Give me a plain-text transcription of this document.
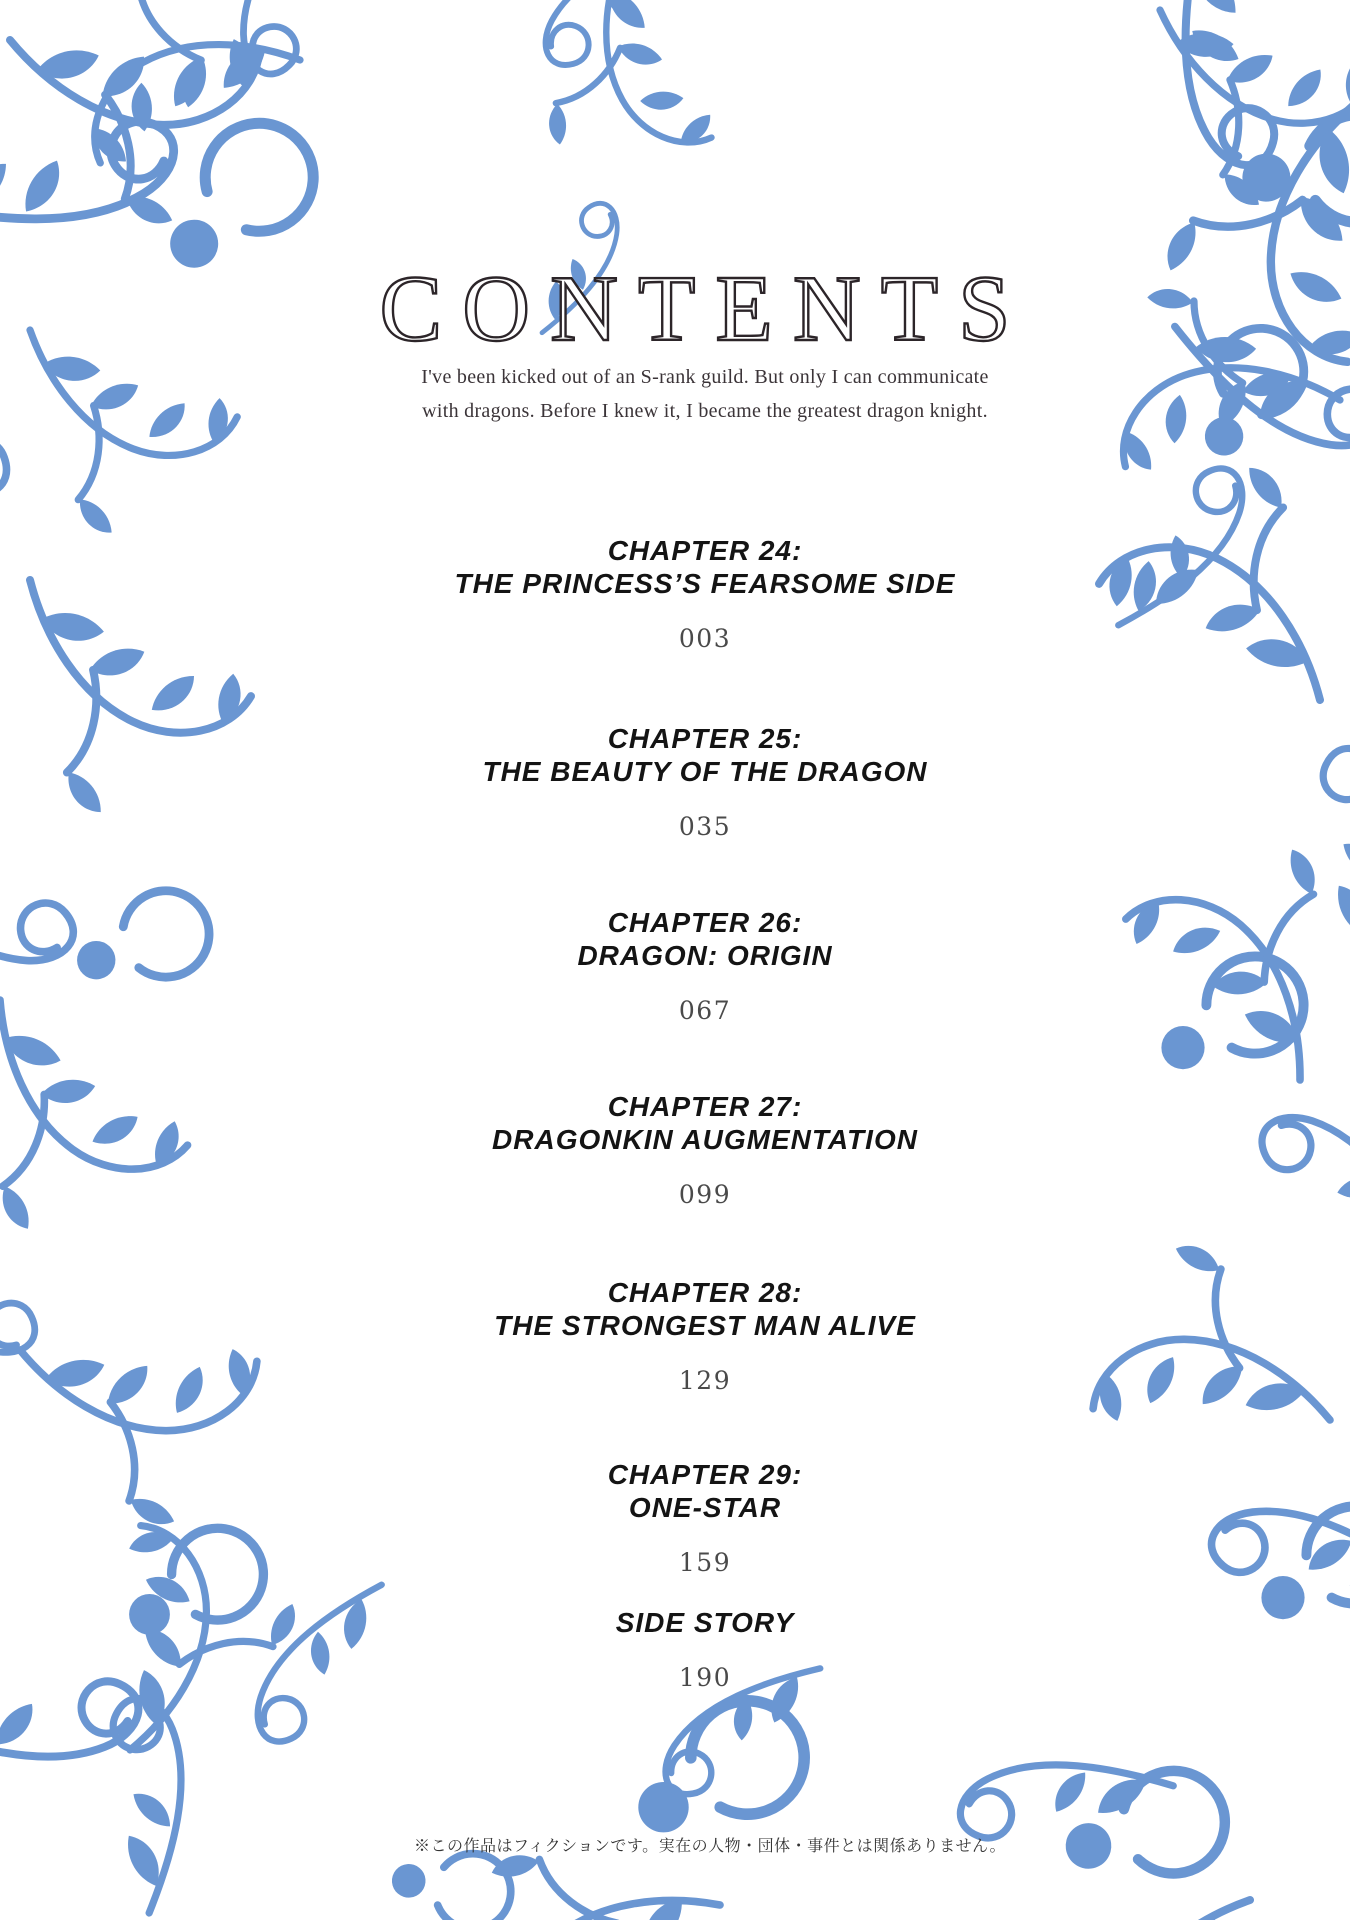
CONTENTS
I've been kicked out of an S-rank guild. But only I can communicate
with dragons. Before I knew it, I became the greatest dragon knight.
CHAPTER 24:
THE PRINCESS’S FEARSOME SIDE
003
CHAPTER 25:
THE BEAUTY OF THE DRAGON
035
CHAPTER 26:
DRAGON: ORIGIN
067
CHAPTER 27:
DRAGONKIN AUGMENTATION
099
CHAPTER 28:
THE STRONGEST MAN ALIVE
129
CHAPTER 29:
ONE-STAR
159
SIDE STORY
190
※この作品はフィクションです。実在の人物・団体・事件とは関係ありません。
